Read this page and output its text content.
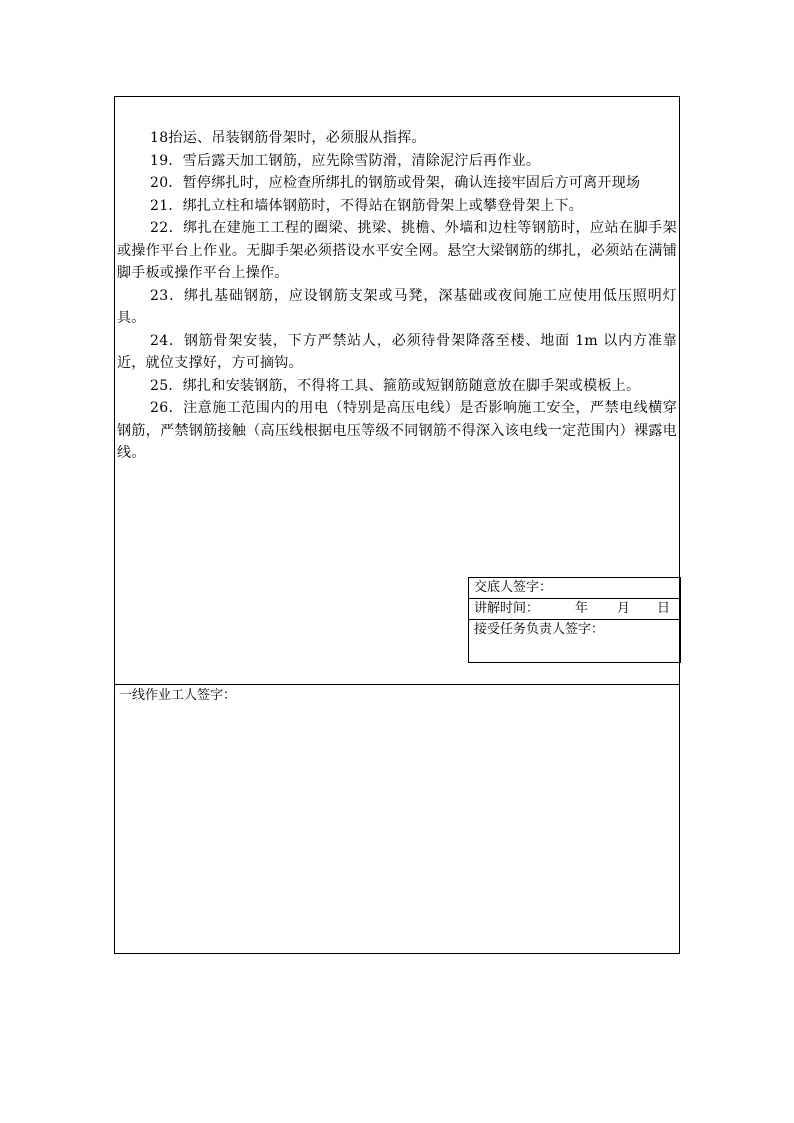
18抬运、吊装钢筋骨架时，必须服从指挥。

19．雪后露天加工钢筋，应先除雪防滑，清除泥泞后再作业。

20．暂停绑扎时，应检查所绑扎的钢筋或骨架，确认连接牢固后方可离开现场

21．绑扎立柱和墙体钢筋时，不得站在钢筋骨架上或攀登骨架上下。

22．绑扎在建施工工程的圈梁、挑梁、挑檐、外墙和边柱等钢筋时，应站在脚手架或操作平台上作业。无脚手架必须搭设水平安全网。悬空大梁钢筋的绑扎，必须站在满铺脚手板或操作平台上操作。

23．绑扎基础钢筋，应设钢筋支架或马凳，深基础或夜间施工应使用低压照明灯具。

24．钢筋骨架安装，下方严禁站人，必须待骨架降落至楼、地面 1m 以内方准靠近，就位支撑好，方可摘钩。

25．绑扎和安装钢筋，不得将工具、箍筋或短钢筋随意放在脚手架或模板上。

26．注意施工范围内的用电（特别是高压电线）是否影响施工安全，严禁电线横穿钢筋，严禁钢筋接触（高压线根据电压等级不同钢筋不得深入该电线一定范围内）裸露电线。

交底人签字：
讲解时间：	年 月 日
接受任务负责人签字：
一线作业工人签字：
